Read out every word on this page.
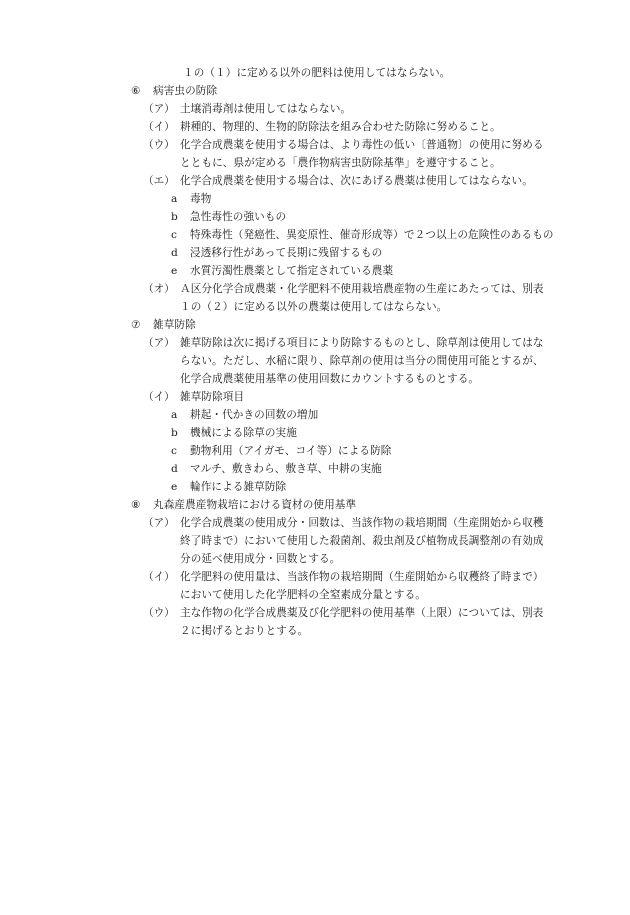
１の（１）に定める以外の肥料は使用してはならない。
⑥ 病害虫の防除
（ア） 土壌消毒剤は使用してはならない。
（イ） 耕種的、物理的、生物的防除法を組み合わせた防除に努めること。
（ウ） 化学合成農薬を使用する場合は、より毒性の低い〔普通物〕の使用に努める
とともに、県が定める「農作物病害虫防除基準」を遵守すること。
（エ） 化学合成農薬を使用する場合は、次にあげる農薬は使用してはならない。
a 毒物
b 急性毒性の強いもの
c 特殊毒性（発癌性、異変原性、催奇形成等）で２つ以上の危険性のあるもの
d 浸透移行性があって長期に残留するもの
e 水質汚濁性農薬として指定されている農薬
（オ） Ａ区分化学合成農薬・化学肥料不使用栽培農産物の生産にあたっては、別表
１の（２）に定める以外の農薬は使用してはならない。
⑦ 雑草防除
（ア） 雑草防除は次に掲げる項目により防除するものとし、除草剤は使用してはな
らない。ただし、水稲に限り、除草剤の使用は当分の間使用可能とするが、
化学合成農薬使用基準の使用回数にカウントするものとする。
（イ） 雑草防除項目
a 耕起・代かきの回数の増加
b 機械による除草の実施
c 動物利用（アイガモ、コイ等）による防除
d マルチ、敷きわら、敷き草、中耕の実施
e 輪作による雑草防除
⑧ 丸森産農産物栽培における資材の使用基準
（ア） 化学合成農薬の使用成分・回数は、当該作物の栽培期間（生産開始から収穫
終了時まで）において使用した殺菌剤、殺虫剤及び植物成長調整剤の有効成
分の延べ使用成分・回数とする。
（イ） 化学肥料の使用量は、当該作物の栽培期間（生産開始から収穫終了時まで）
において使用した化学肥料の全窒素成分量とする。
（ウ） 主な作物の化学合成農薬及び化学肥料の使用基準（上限）については、別表
２に掲げるとおりとする。
